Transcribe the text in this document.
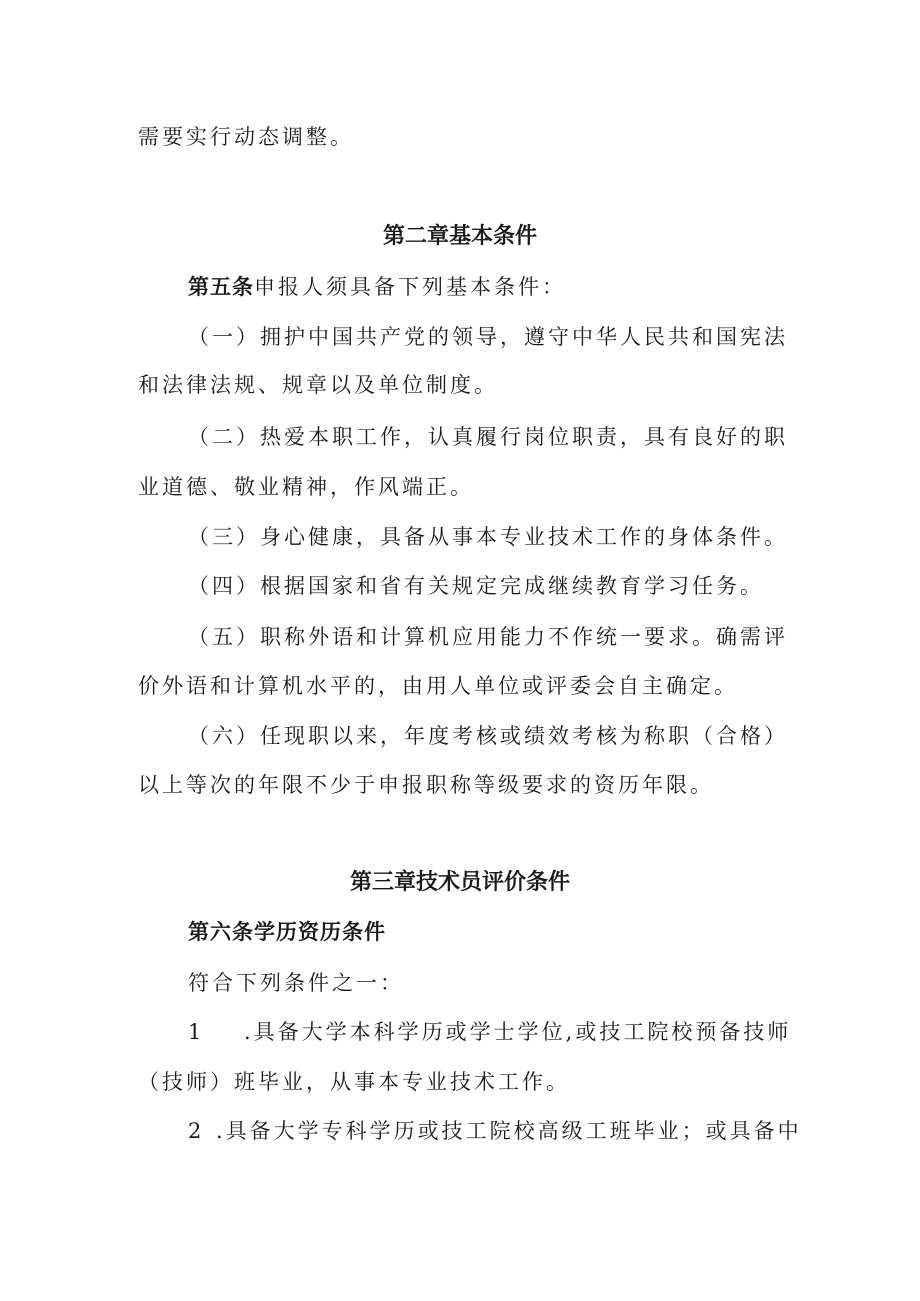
需要实行动态调整。
第二章基本条件
第五条申报人须具备下列基本条件：
（一）拥护中国共产党的领导，遵守中华人民共和国宪法
和法律法规、规章以及单位制度。
（二）热爱本职工作，认真履行岗位职责，具有良好的职
业道德、敬业精神，作风端正。
（三）身心健康，具备从事本专业技术工作的身体条件。
（四）根据国家和省有关规定完成继续教育学习任务。
（五）职称外语和计算机应用能力不作统一要求。确需评
价外语和计算机水平的，由用人单位或评委会自主确定。
（六）任现职以来，年度考核或绩效考核为称职（合格）
以上等次的年限不少于申报职称等级要求的资历年限。
第三章技术员评价条件
第六条学历资历条件
符合下列条件之一：
1 .具备大学本科学历或学士学位,或技工院校预备技师
（技师）班毕业，从事本专业技术工作。
2 .具备大学专科学历或技工院校高级工班毕业；或具备中
